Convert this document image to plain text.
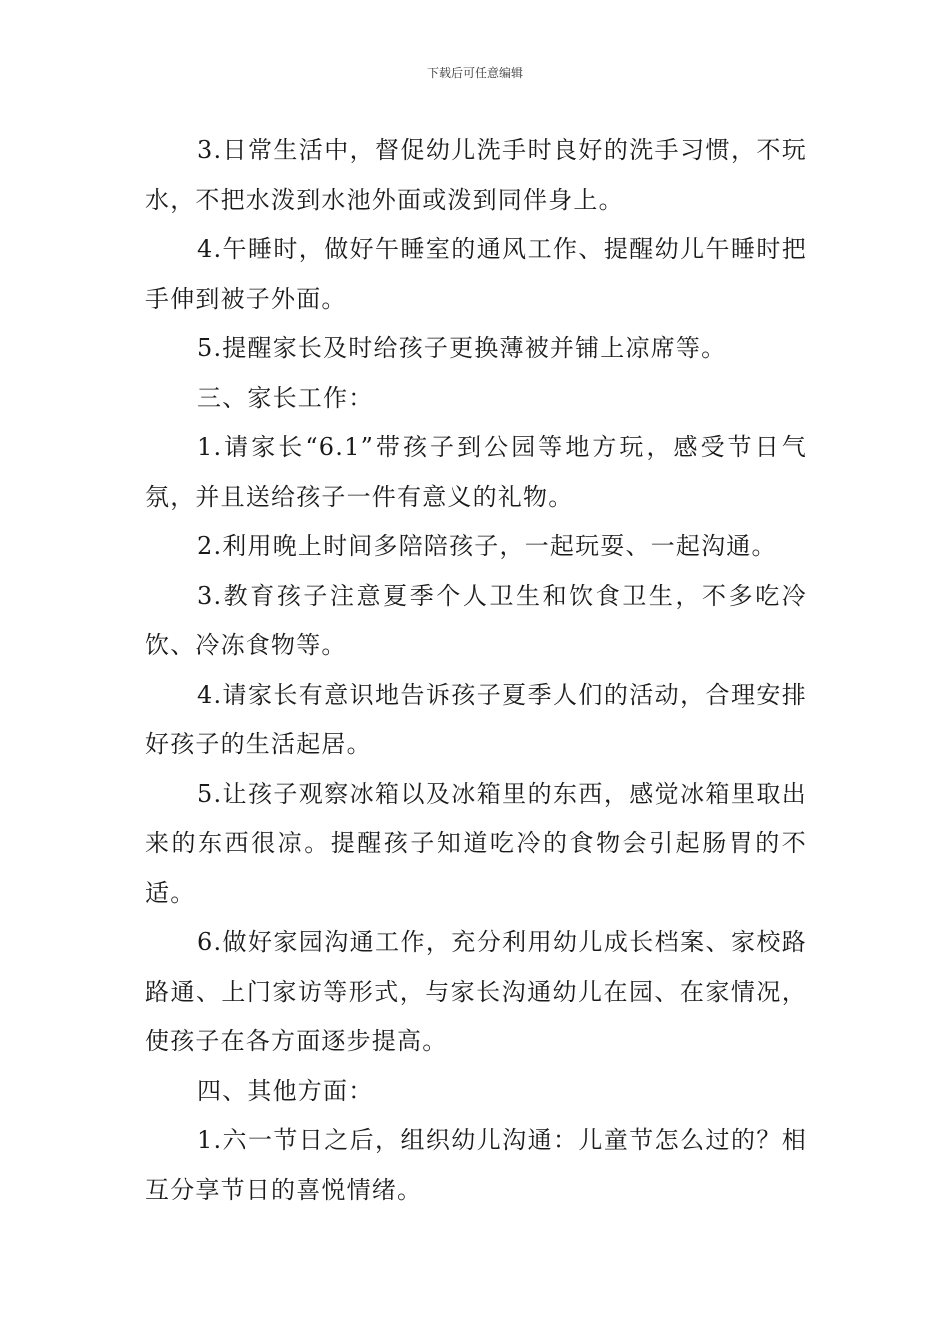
下载后可任意编辑

3.日常生活中，督促幼儿洗手时良好的洗手习惯，不玩水，不把水泼到水池外面或泼到同伴身上。

4.午睡时，做好午睡室的通风工作、提醒幼儿午睡时把手伸到被子外面。

5.提醒家长及时给孩子更换薄被并铺上凉席等。

三、家长工作：

1.请家长“6.1”带孩子到公园等地方玩，感受节日气氛，并且送给孩子一件有意义的礼物。

2.利用晚上时间多陪陪孩子，一起玩耍、一起沟通。

3.教育孩子注意夏季个人卫生和饮食卫生，不多吃冷饮、冷冻食物等。

4.请家长有意识地告诉孩子夏季人们的活动，合理安排好孩子的生活起居。

5.让孩子观察冰箱以及冰箱里的东西，感觉冰箱里取出来的东西很凉。提醒孩子知道吃冷的食物会引起肠胃的不适。

6.做好家园沟通工作，充分利用幼儿成长档案、家校路路通、上门家访等形式，与家长沟通幼儿在园、在家情况，使孩子在各方面逐步提高。

四、其他方面：

1.六一节日之后，组织幼儿沟通：儿童节怎么过的？相互分享节日的喜悦情绪。
